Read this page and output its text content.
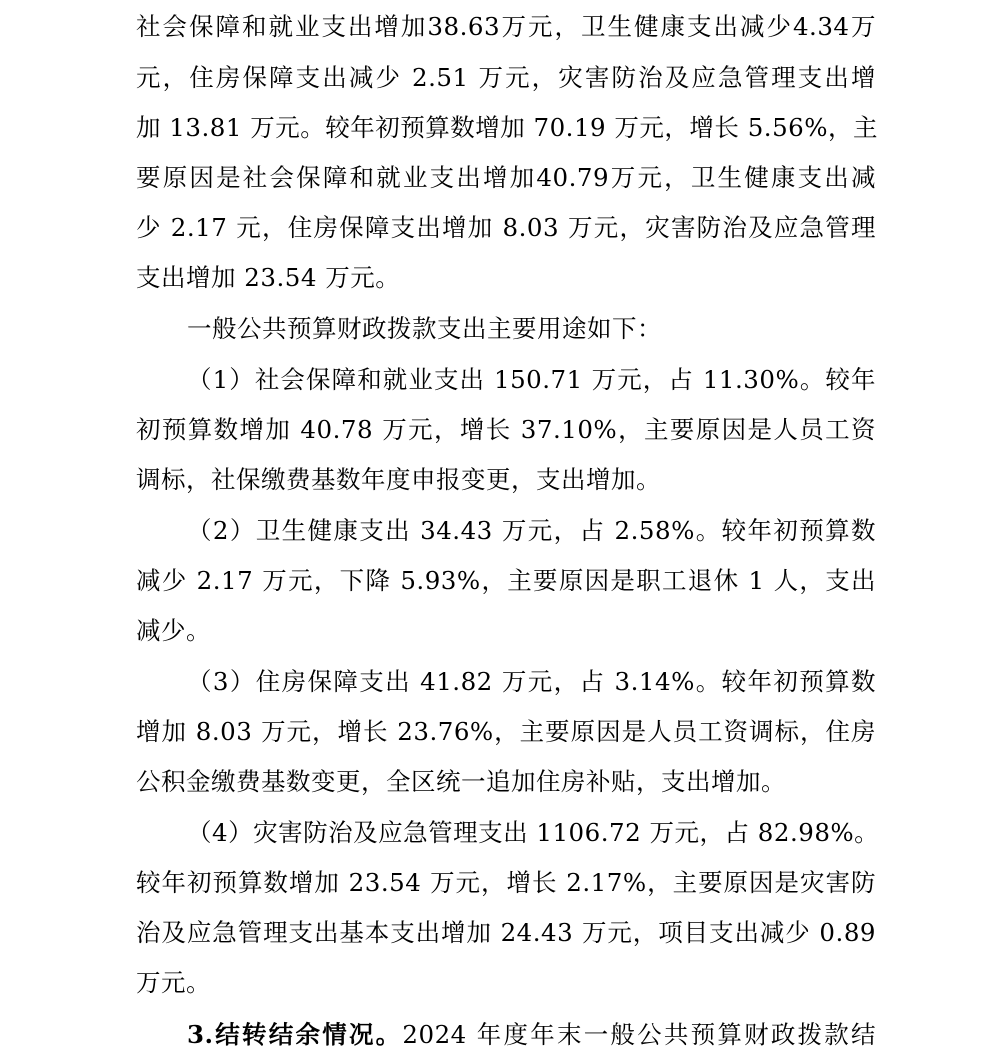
社会保障和就业支出增加38.63万元，卫生健康支出减少4.34万
元，住房保障支出减少 2.51 万元，灾害防治及应急管理支出增
加 13.81 万元。较年初预算数增加 70.19 万元，增长 5.56%，主
要原因是社会保障和就业支出增加40.79万元，卫生健康支出减
少 2.17 元，住房保障支出增加 8.03 万元，灾害防治及应急管理
支出增加 23.54 万元。
一般公共预算财政拨款支出主要用途如下：
（1）社会保障和就业支出 150.71 万元，占 11.30%。较年
初预算数增加 40.78 万元，增长 37.10%，主要原因是人员工资
调标，社保缴费基数年度申报变更，支出增加。
（2）卫生健康支出 34.43 万元，占 2.58%。较年初预算数
减少 2.17 万元，下降 5.93%，主要原因是职工退休 1 人，支出
减少。
（3）住房保障支出 41.82 万元，占 3.14%。较年初预算数
增加 8.03 万元，增长 23.76%，主要原因是人员工资调标，住房
公积金缴费基数变更，全区统一追加住房补贴，支出增加。
（4）灾害防治及应急管理支出 1106.72 万元，占 82.98%。
较年初预算数增加 23.54 万元，增长 2.17%，主要原因是灾害防
治及应急管理支出基本支出增加 24.43 万元，项目支出减少 0.89
万元。
3.结转结余情况。2024 年度年末一般公共预算财政拨款结
